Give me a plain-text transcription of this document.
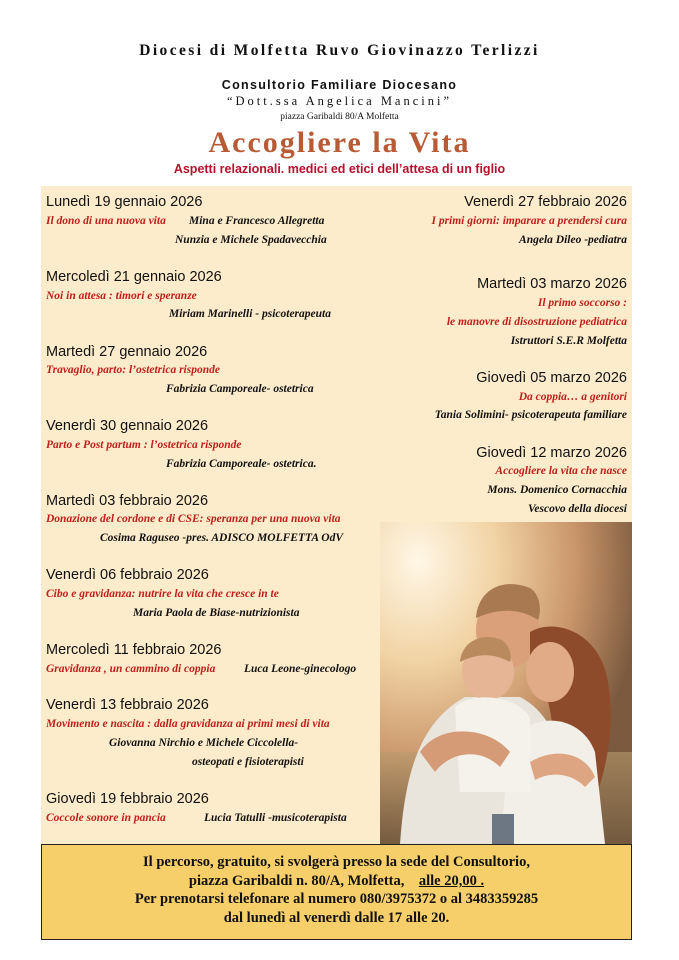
Diocesi di Molfetta Ruvo Giovinazzo Terlizzi
Consultorio Familiare Diocesano
“Dott.ssa Angelica Mancini”
piazza Garibaldi 80/A Molfetta
Accogliere la Vita
Aspetti relazionali. medici ed etici dell’attesa di un figlio
Lunedì 19 gennaio 2026
Il dono di una nuova vita Mina e Francesco Allegretta
Nunzia e Michele Spadavecchia
Mercoledì 21 gennaio 2026
Noi in attesa : timori e speranze
Miriam Marinelli - psicoterapeuta
Martedì 27 gennaio 2026
Travaglio, parto: l’ostetrica risponde
Fabrizia Camporeale- ostetrica
Venerdì 30 gennaio 2026
Parto e Post partum : l’ostetrica risponde
Fabrizia Camporeale- ostetrica.
Martedì 03 febbraio 2026
Donazione del cordone e di CSE: speranza per una nuova vita
Cosima Raguseo -pres. ADISCO MOLFETTA OdV
Venerdì 06 febbraio 2026
Cibo e gravidanza: nutrire la vita che cresce in te
Maria Paola de Biase-nutrizionista
Mercoledì 11 febbraio 2026
Gravidanza , un cammino di coppia Luca Leone-ginecologo
Venerdì 13 febbraio 2026
Movimento e nascita : dalla gravidanza ai primi mesi di vita
Giovanna Nirchio e Michele Ciccolella-
osteopati e fisioterapisti
Giovedì 19 febbraio 2026
Coccole sonore in pancia	Lucia Tatulli -musicoterapista
Venerdì 27 febbraio 2026
I primi giorni: imparare a prendersi cura
Angela Dileo -pediatra
Martedì 03 marzo 2026
Il primo soccorso :
le manovre di disostruzione pediatrica
Istruttori S.E.R Molfetta
Giovedì 05 marzo 2026
Da coppia… a genitori
Tania Solimini- psicoterapeuta familiare
Giovedì 12 marzo 2026
Accogliere la vita che nasce
Mons. Domenico Cornacchia
Vescovo della diocesi
Il percorso, gratuito, si svolgerà presso la sede del Consultorio,
piazza Garibaldi n. 80/A, Molfetta, alle 20,00 .
Per prenotarsi telefonare al numero 080/3975372 o al 3483359285
dal lunedì al venerdì dalle 17 alle 20.
